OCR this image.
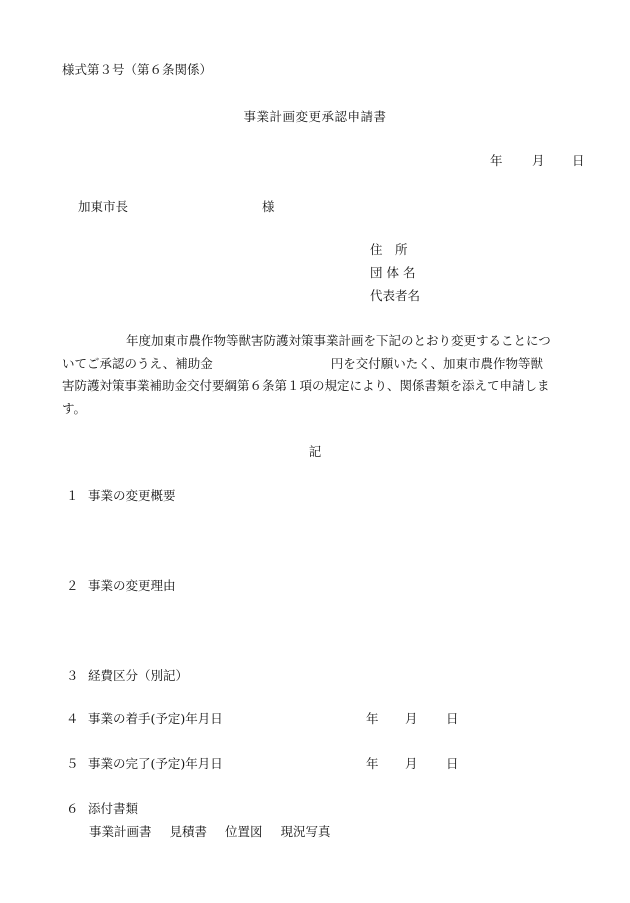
様式第３号（第６条関係）
事業計画変更承認申請書
年 月 日
加東市長	様
住　所
団 体 名
代表者名
年度加東市農作物等獣害防護対策事業計画を下記のとおり変更することにつ
いてご承認のうえ、補助金	円を交付願いたく、加東市農作物等獣
害防護対策事業補助金交付要綱第６条第１項の規定により、関係書類を添えて申請しま
す。
記
１ 事業の変更概要
２ 事業の変更理由
３ 経費区分（別記）
４ 事業の着手(予定)年月日	年 月 日
５ 事業の完了(予定)年月日	年 月 日
６ 添付書類
事業計画書 見積書 位置図 現況写真
